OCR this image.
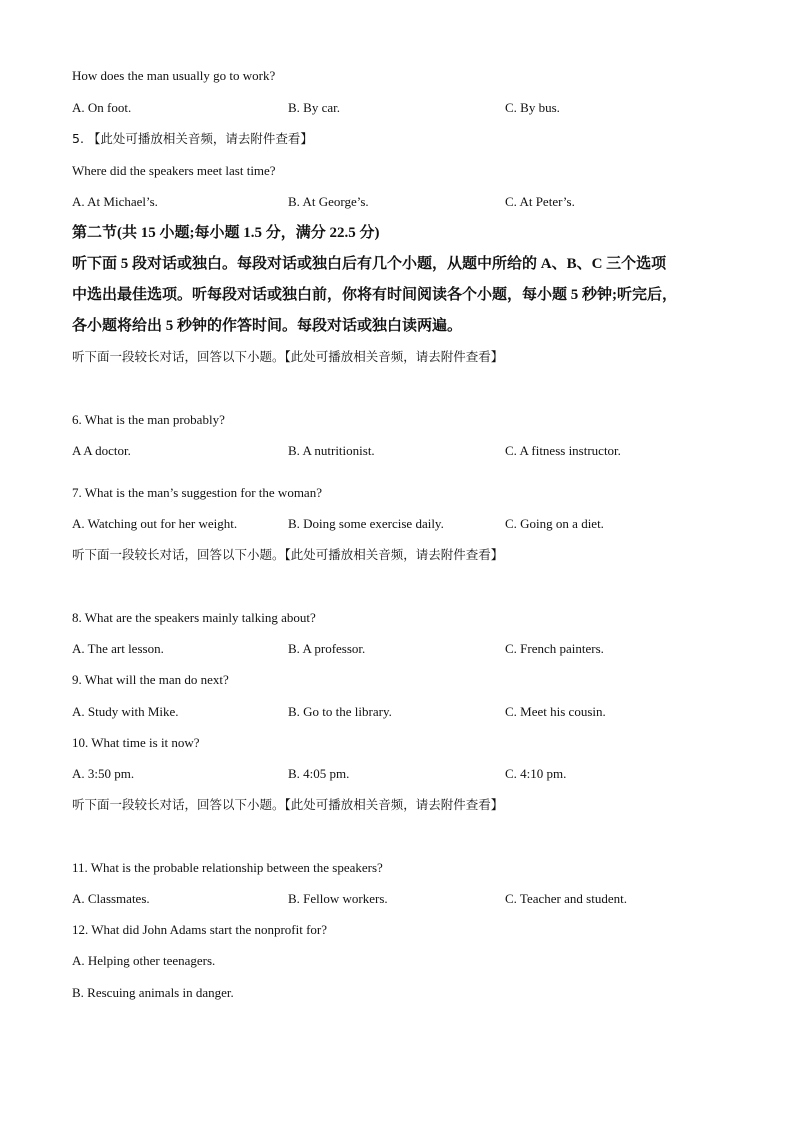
How does the man usually go to work?
A. On foot.	B. By car.	C. By bus.
5. 【此处可播放相关音频，请去附件查看】
Where did the speakers meet last time?
A. At Michael’s.	B. At George’s.	C. At Peter’s.
第二节(共 15 小题;每小题 1.5 分，满分 22.5 分)
听下面 5 段对话或独白。每段对话或独白后有几个小题，从题中所给的 A、B、C 三个选项
中选出最佳选项。听每段对话或独白前，你将有时间阅读各个小题，每小题 5 秒钟;听完后，
各小题将给出 5 秒钟的作答时间。每段对话或独白读两遍。
听下面一段较长对话，回答以下小题。【此处可播放相关音频，请去附件查看】
6. What is the man probably?
A A doctor.	B. A nutritionist.	C. A fitness instructor.
7. What is the man’s suggestion for the woman?
A. Watching out for her weight.	B. Doing some exercise daily.	C. Going on a diet.
听下面一段较长对话，回答以下小题。【此处可播放相关音频，请去附件查看】
8. What are the speakers mainly talking about?
A. The art lesson.	B. A professor.	C. French painters.
9. What will the man do next?
A. Study with Mike.	B. Go to the library.	C. Meet his cousin.
10. What time is it now?
A. 3:50 pm.	B. 4:05 pm.	C. 4:10 pm.
听下面一段较长对话，回答以下小题。【此处可播放相关音频，请去附件查看】
11. What is the probable relationship between the speakers?
A. Classmates.	B. Fellow workers.	C. Teacher and student.
12. What did John Adams start the nonprofit for?
A. Helping other teenagers.
B. Rescuing animals in danger.
